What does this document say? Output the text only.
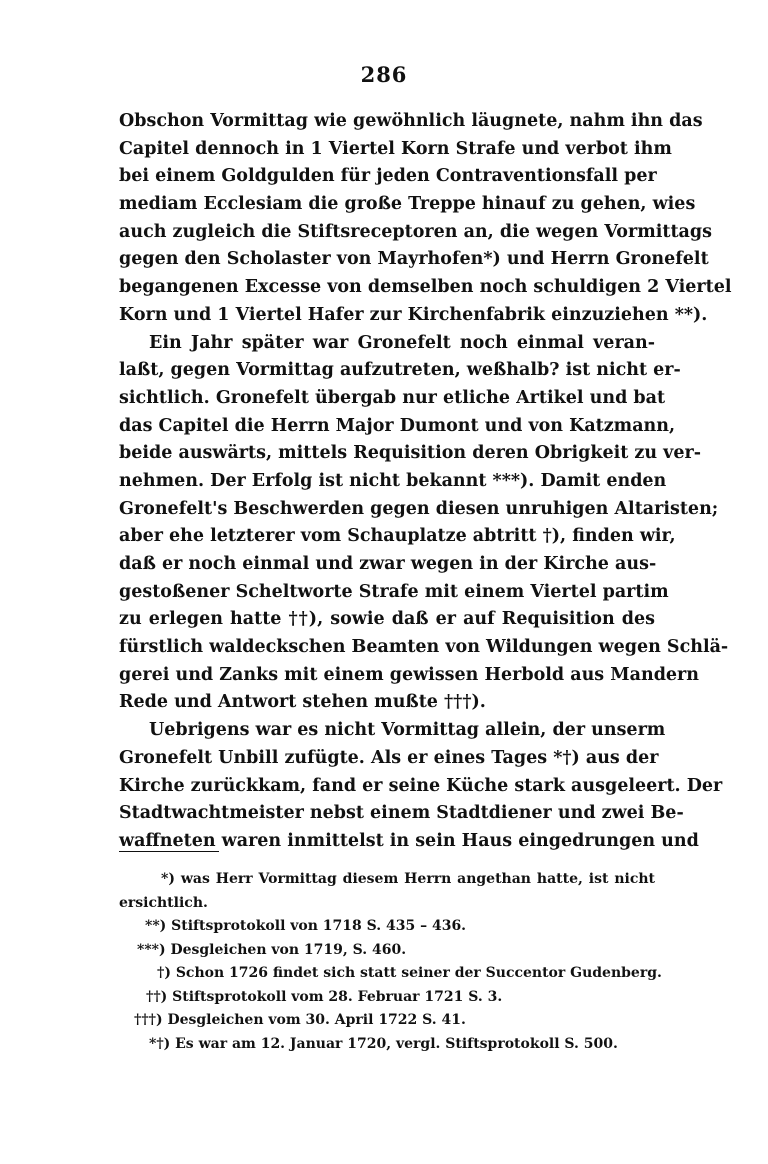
286
Obschon Vormittag wie gewöhnlich läugnete, nahm ihn das
Capitel dennoch in 1 Viertel Korn Strafe und verbot ihm
bei einem Goldgulden für jeden Contraventionsfall per
mediam Ecclesiam die große Treppe hinauf zu gehen, wies
auch zugleich die Stiftsreceptoren an, die wegen Vormittags
gegen den Scholaster von Mayrhofen*) und Herrn Gronefelt
begangenen Excesse von demselben noch schuldigen 2 Viertel
Korn und 1 Viertel Hafer zur Kirchenfabrik einzuziehen **).
Ein Jahr später war Gronefelt noch einmal veran-
laßt, gegen Vormittag aufzutreten, weßhalb? ist nicht er-
sichtlich. Gronefelt übergab nur etliche Artikel und bat
das Capitel die Herrn Major Dumont und von Katzmann,
beide auswärts, mittels Requisition deren Obrigkeit zu ver-
nehmen. Der Erfolg ist nicht bekannt ***). Damit enden
Gronefelt's Beschwerden gegen diesen unruhigen Altaristen;
aber ehe letzterer vom Schauplatze abtritt †), finden wir,
daß er noch einmal und zwar wegen in der Kirche aus-
gestoßener Scheltworte Strafe mit einem Viertel partim
zu erlegen hatte ††), sowie daß er auf Requisition des
fürstlich waldeckschen Beamten von Wildungen wegen Schlä-
gerei und Zanks mit einem gewissen Herbold aus Mandern
Rede und Antwort stehen mußte †††).
Uebrigens war es nicht Vormittag allein, der unserm
Gronefelt Unbill zufügte. Als er eines Tages *†) aus der
Kirche zurückkam, fand er seine Küche stark ausgeleert. Der
Stadtwachtmeister nebst einem Stadtdiener und zwei Be-
waffneten waren inmittelst in sein Haus eingedrungen und
*) was Herr Vormittag diesem Herrn angethan hatte, ist nicht
ersichtlich.
**) Stiftsprotokoll von 1718 S. 435 – 436.
***) Desgleichen von 1719, S. 460.
†) Schon 1726 findet sich statt seiner der Succentor Gudenberg.
††) Stiftsprotokoll vom 28. Februar 1721 S. 3.
†††) Desgleichen vom 30. April 1722 S. 41.
*†) Es war am 12. Januar 1720, vergl. Stiftsprotokoll S. 500.
